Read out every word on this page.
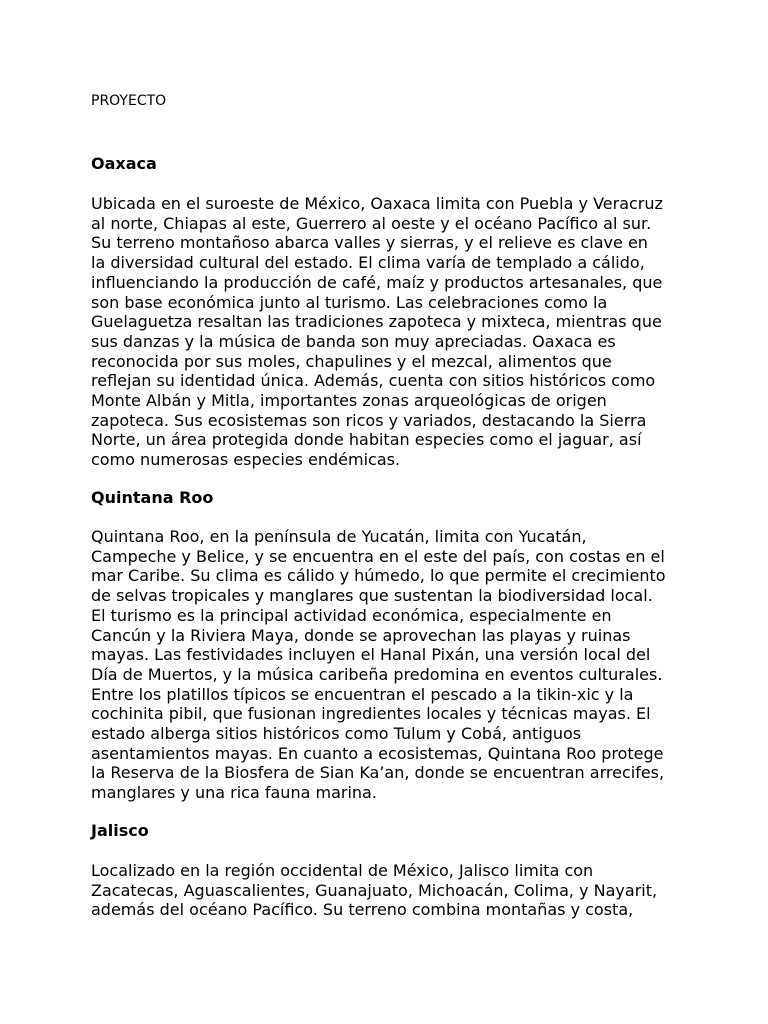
PROYECTO

Oaxaca
Ubicada en el suroeste de México, Oaxaca limita con Puebla y Veracruz
al norte, Chiapas al este, Guerrero al oeste y el océano Pacífico al sur.
Su terreno montañoso abarca valles y sierras, y el relieve es clave en
la diversidad cultural del estado. El clima varía de templado a cálido,
influenciando la producción de café, maíz y productos artesanales, que
son base económica junto al turismo. Las celebraciones como la
Guelaguetza resaltan las tradiciones zapoteca y mixteca, mientras que
sus danzas y la música de banda son muy apreciadas. Oaxaca es
reconocida por sus moles, chapulines y el mezcal, alimentos que
reflejan su identidad única. Además, cuenta con sitios históricos como
Monte Albán y Mitla, importantes zonas arqueológicas de origen
zapoteca. Sus ecosistemas son ricos y variados, destacando la Sierra
Norte, un área protegida donde habitan especies como el jaguar, así
como numerosas especies endémicas.
Quintana Roo
Quintana Roo, en la península de Yucatán, limita con Yucatán,
Campeche y Belice, y se encuentra en el este del país, con costas en el
mar Caribe. Su clima es cálido y húmedo, lo que permite el crecimiento
de selvas tropicales y manglares que sustentan la biodiversidad local.
El turismo es la principal actividad económica, especialmente en
Cancún y la Riviera Maya, donde se aprovechan las playas y ruinas
mayas. Las festividades incluyen el Hanal Pixán, una versión local del
Día de Muertos, y la música caribeña predomina en eventos culturales.
Entre los platillos típicos se encuentran el pescado a la tikin-xic y la
cochinita pibil, que fusionan ingredientes locales y técnicas mayas. El
estado alberga sitios históricos como Tulum y Cobá, antiguos
asentamientos mayas. En cuanto a ecosistemas, Quintana Roo protege
la Reserva de la Biosfera de Sian Ka’an, donde se encuentran arrecifes,
manglares y una rica fauna marina.
Jalisco
Localizado en la región occidental de México, Jalisco limita con
Zacatecas, Aguascalientes, Guanajuato, Michoacán, Colima, y Nayarit,
además del océano Pacífico. Su terreno combina montañas y costa,
